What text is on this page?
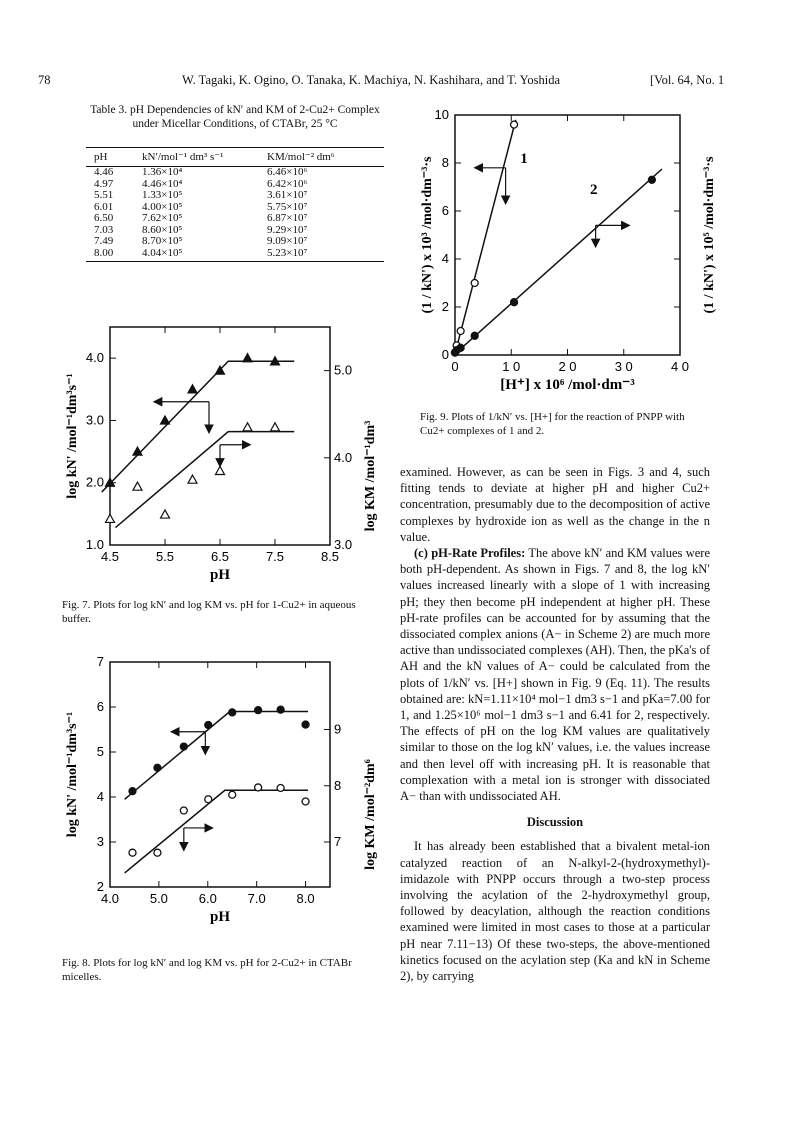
78	W. Tagaki, K. Ogino, O. Tanaka, K. Machiya, N. Kashihara, and T. Yoshida	[Vol. 64, No. 1
Table 3. pH Dependencies of kN′ and KM of 2-Cu2+ Complex under Micellar Conditions, of CTABr, 25 °C
pH	kN′/mol⁻¹ dm³ s⁻¹	KM/mol⁻² dm⁶
4.46	1.36×10⁴	6.46×10⁶
4.97	4.46×10⁴	6.42×10⁶
5.51	1.33×10⁵	3.61×10⁷
6.01	4.00×10⁵	5.75×10⁷
6.50	7.62×10⁵	6.87×10⁷
7.03	8.60×10⁵	9.29×10⁷
7.49	8.70×10⁵	9.09×10⁷
8.00	4.04×10⁵	5.23×10⁷
4.5	5.5	6.5	7.5	8.5
1.0
2.0
3.0
4.0
3.0
4.0
5.0
pH
log kN' /mol⁻¹dm³s⁻¹	log KM /mol⁻¹dm³
Fig. 7. Plots for log kN′ and log KM vs. pH for 1-Cu2+ in aqueous buffer.
4.0 5.0 6.0 7.0 8.0
2
3
4
5
6
7
7
8
9
pH
log kN' /mol⁻¹dm³s⁻¹	log KM /mol⁻²dm⁶
Fig. 8. Plots for log kN′ and log KM vs. pH for 2-Cu2+ in CTABr micelles.
0	1 0	2 0	3 0	4 0
0
2
4
6
8
10
[H⁺] x 10⁶ /mol·dm⁻³
(1 / kN') x 10³ /mol·dm⁻³·s	(1 / kN') x 10⁵ /mol·dm⁻³·s
1
2
Fig. 9. Plots of 1/kN′ vs. [H+] for the reaction of PNPP with Cu2+ complexes of 1 and 2.

examined. However, as can be seen in Figs. 3 and 4, such fitting tends to deviate at higher pH and higher Cu2+ concentration, presumably due to the decomposition of active complexes by hydroxide ion as well as the change in the n value.

(c) pH-Rate Profiles: The above kN′ and KM values were both pH-dependent. As shown in Figs. 7 and 8, the log kN′ values increased linearly with a slope of 1 with increasing pH; they then become pH independent at higher pH. These pH-rate profiles can be accounted for by assuming that the dissociated complex anions (A− in Scheme 2) are much more active than undissociated complexes (AH). Then, the pKa's of AH and the kN values of A− could be calculated from the plots of 1/kN′ vs. [H+] shown in Fig. 9 (Eq. 11). The results obtained are: kN=1.11×10⁴ mol−1 dm3 s−1 and pKa=7.00 for 1, and 1.25×10⁶ mol−1 dm3 s−1 and 6.41 for 2, respectively. The effects of pH on the log KM values are qualitatively similar to those on the log kN′ values, i.e. the values increase and then level off with increasing pH. It is reasonable that complexation with a metal ion is stronger with dissociated A− than with undissociated AH.

Discussion

It has already been established that a bivalent metal-ion catalyzed reaction of an N-alkyl-2-(hydroxymethyl)-imidazole with PNPP occurs through a two-step process involving the acylation of the 2-hydroxymethyl group, followed by deacylation, although the reaction conditions examined were limited in most cases to those at a particular pH near 7.11−13) Of these two-steps, the above-mentioned kinetics focused on the acylation step (Ka and kN in Scheme 2), by carrying
